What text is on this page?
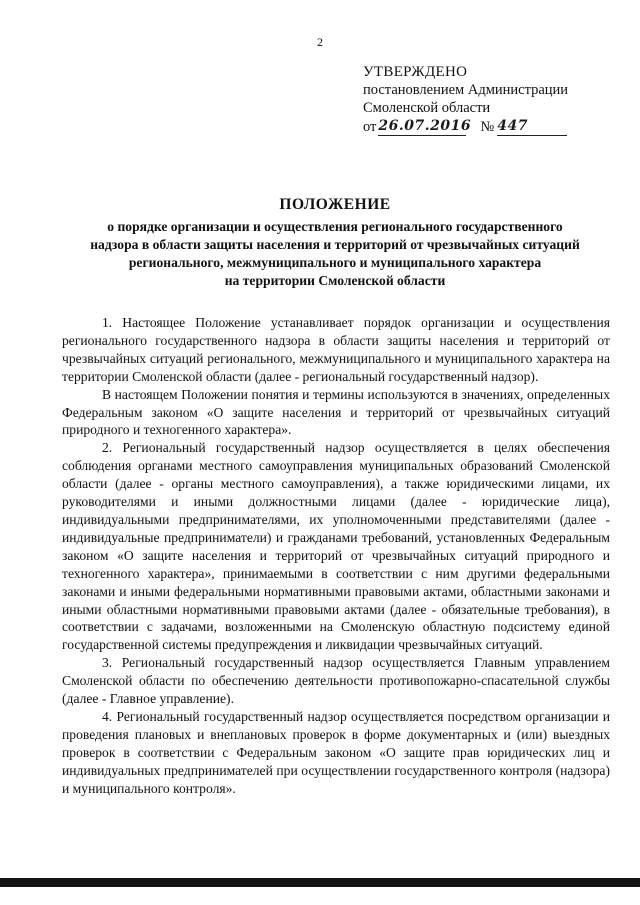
2
УТВЕРЖДЕНО
постановлением Администрации
Смоленской области
от 26.07.2016 № 447
ПОЛОЖЕНИЕ
о порядке организации и осуществления регионального государственного
надзора в области защиты населения и территорий от чрезвычайных ситуаций
регионального, межмуниципального и муниципального характера
на территории Смоленской области

1. Настоящее Положение устанавливает порядок организации и осуществления регионального государственного надзора в области защиты населения и территорий от чрезвычайных ситуаций регионального, межмуниципального и муниципального характера на территории Смоленской области (далее - региональный государственный надзор).

В настоящем Положении понятия и термины используются в значениях, определенных Федеральным законом «О защите населения и территорий от чрезвычайных ситуаций природного и техногенного характера».

2. Региональный государственный надзор осуществляется в целях обеспечения соблюдения органами местного самоуправления муниципальных образований Смоленской области (далее - органы местного самоуправления), а также юридическими лицами, их руководителями и иными должностными лицами (далее - юридические лица), индивидуальными предпринимателями, их уполномоченными представителями (далее - индивидуальные предприниматели) и гражданами требований, установленных Федеральным законом «О защите населения и территорий от чрезвычайных ситуаций природного и техногенного характера», принимаемыми в соответствии с ним другими федеральными законами и иными федеральными нормативными правовыми актами, областными законами и иными областными нормативными правовыми актами (далее - обязательные требования), в соответствии с задачами, возложенными на Смоленскую областную подсистему единой государственной системы предупреждения и ликвидации чрезвычайных ситуаций.

3. Региональный государственный надзор осуществляется Главным управлением Смоленской области по обеспечению деятельности противопожарно-спасательной службы (далее - Главное управление).

4. Региональный государственный надзор осуществляется посредством организации и проведения плановых и внеплановых проверок в форме документарных и (или) выездных проверок в соответствии с Федеральным законом «О защите прав юридических лиц и индивидуальных предпринимателей при осуществлении государственного контроля (надзора) и муниципального контроля».
